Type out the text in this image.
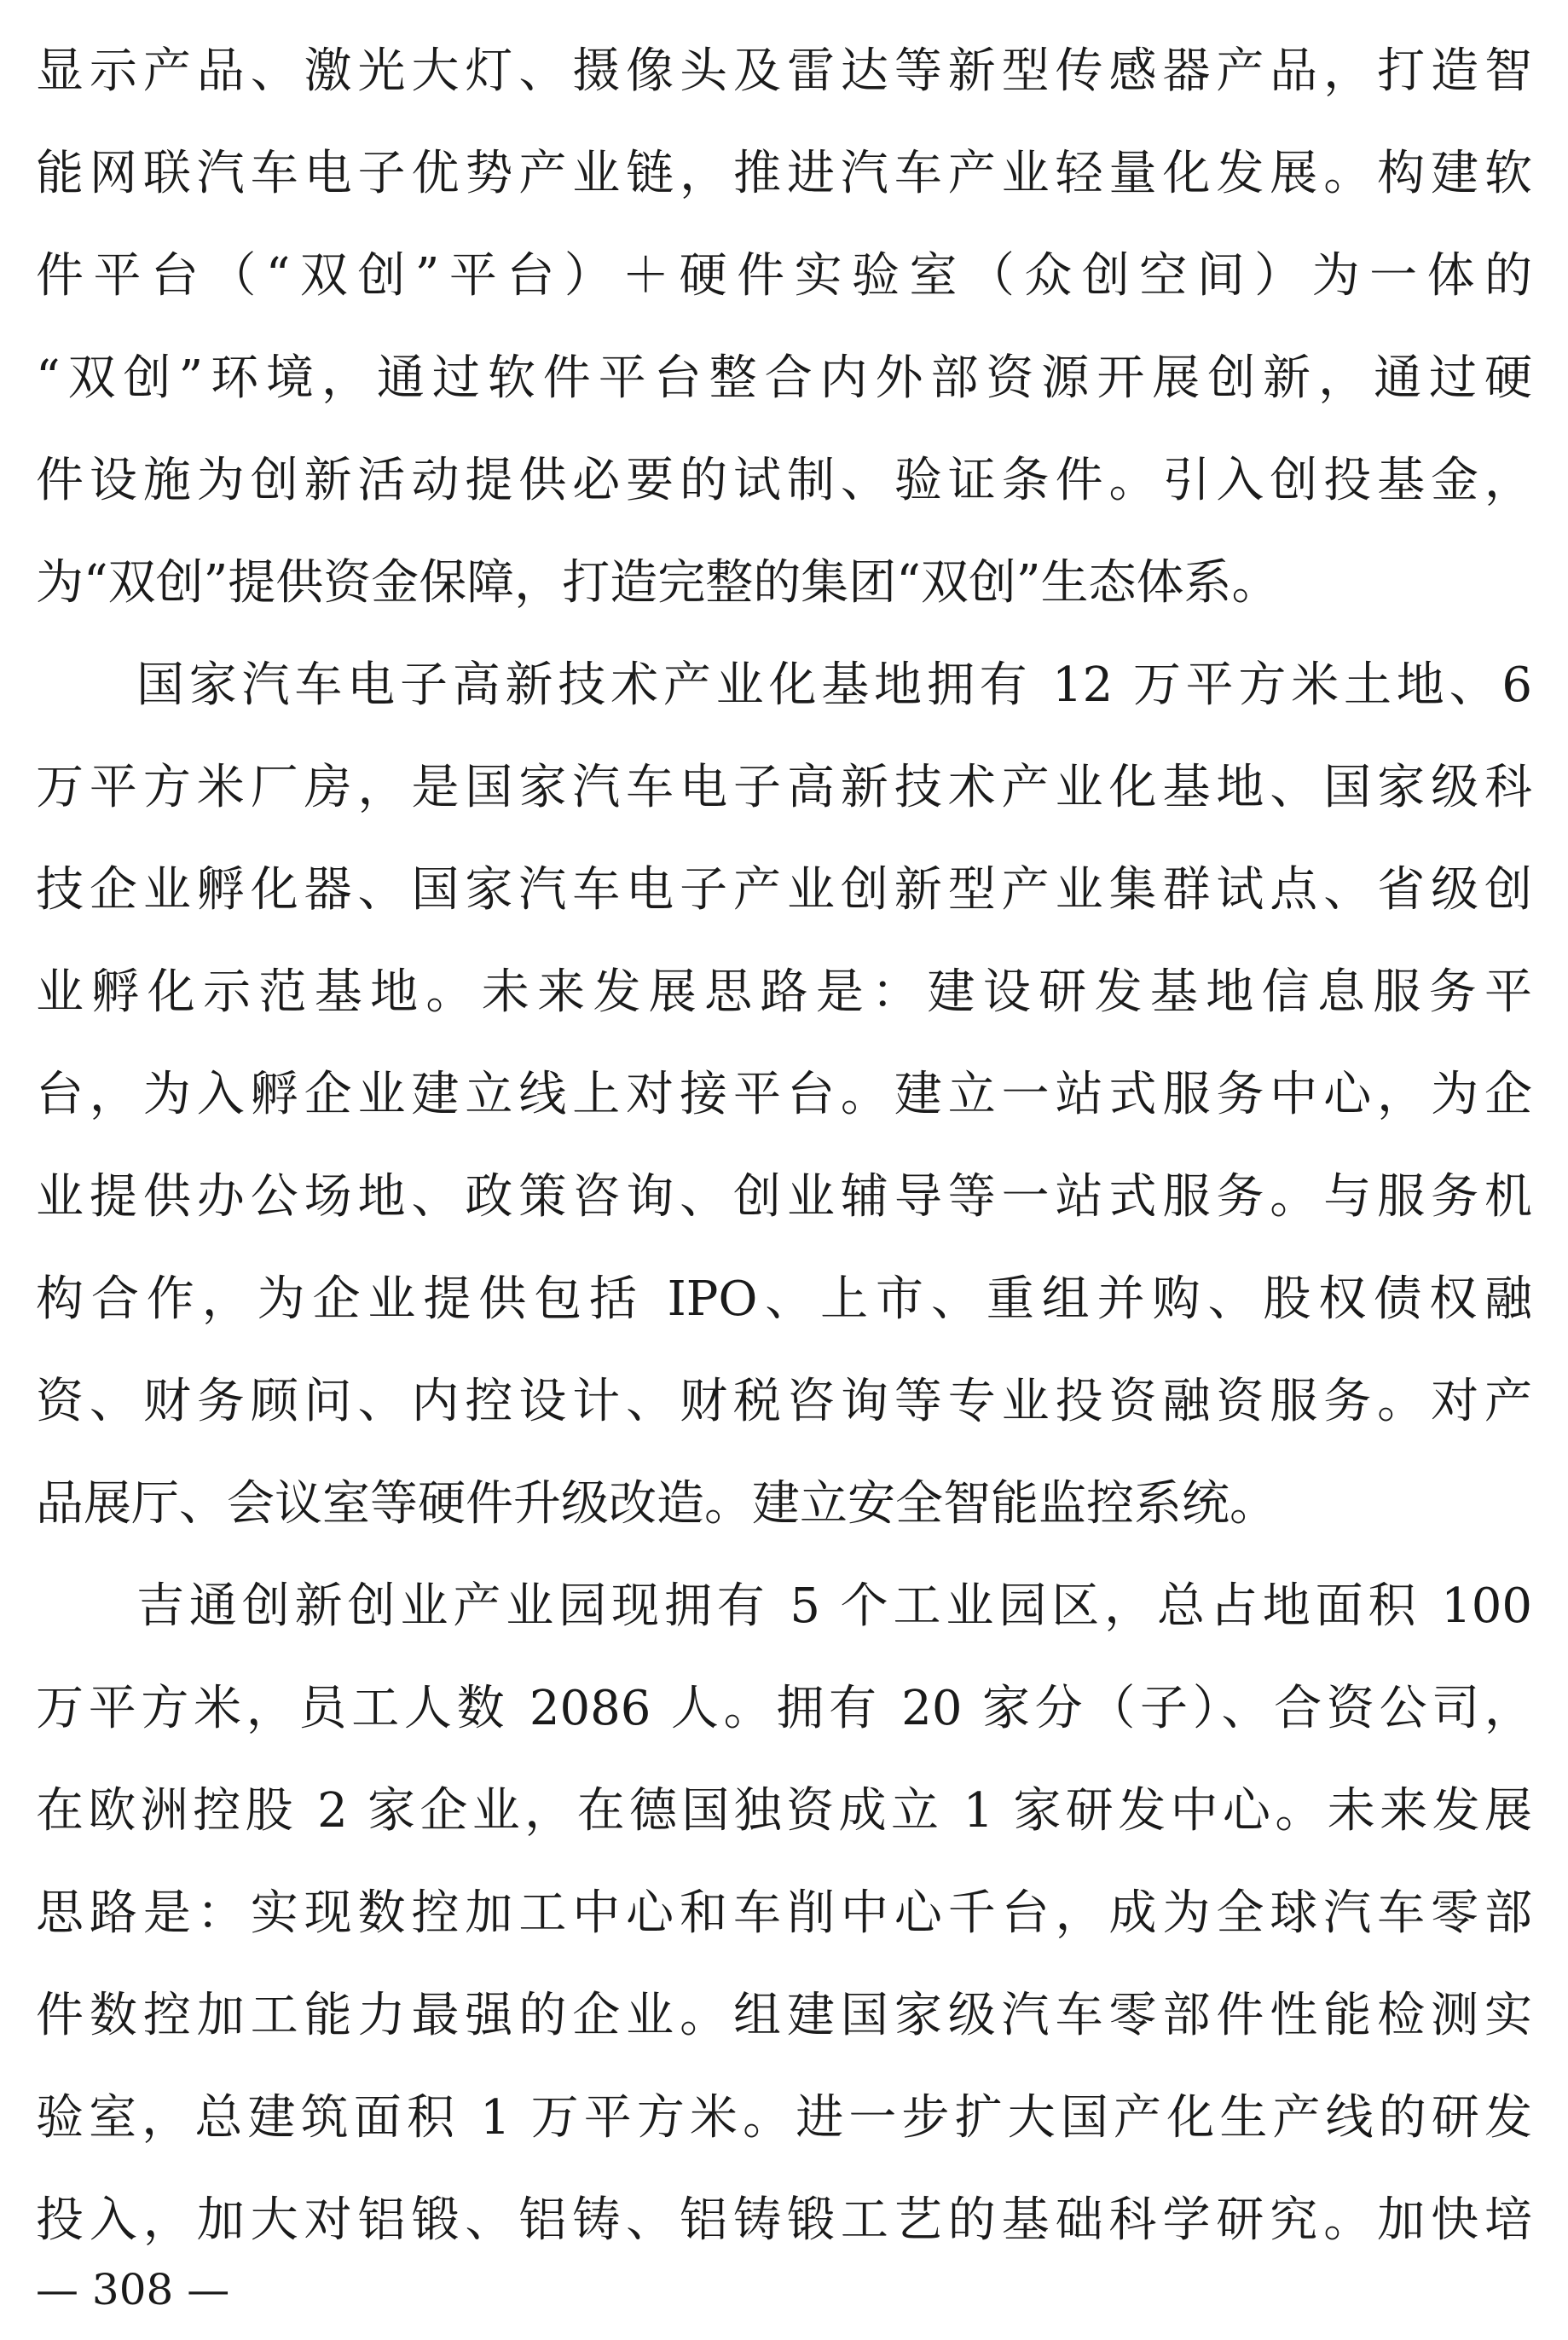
显示产品、激光大灯、摄像头及雷达等新型传感器产品，打造智
能网联汽车电子优势产业链，推进汽车产业轻量化发展。构建软
件平台（“双创”平台）＋硬件实验室（众创空间）为一体的
“双创”环境，通过软件平台整合内外部资源开展创新，通过硬
件设施为创新活动提供必要的试制、验证条件。引入创投基金，
为“双创”提供资金保障，打造完整的集团“双创”生态体系。
国家汽车电子高新技术产业化基地拥有 12 万平方米土地、6
万平方米厂房，是国家汽车电子高新技术产业化基地、国家级科
技企业孵化器、国家汽车电子产业创新型产业集群试点、省级创
业孵化示范基地。未来发展思路是：建设研发基地信息服务平
台，为入孵企业建立线上对接平台。建立一站式服务中心，为企
业提供办公场地、政策咨询、创业辅导等一站式服务。与服务机
构合作，为企业提供包括 IPO、上市、重组并购、股权债权融
资、财务顾问、内控设计、财税咨询等专业投资融资服务。对产
品展厅、会议室等硬件升级改造。建立安全智能监控系统。
吉通创新创业产业园现拥有 5 个工业园区，总占地面积 100
万平方米，员工人数 2086 人。拥有 20 家分（子）、合资公司，
在欧洲控股 2 家企业，在德国独资成立 1 家研发中心。未来发展
思路是：实现数控加工中心和车削中心千台，成为全球汽车零部
件数控加工能力最强的企业。组建国家级汽车零部件性能检测实
验室，总建筑面积 1 万平方米。进一步扩大国产化生产线的研发
投入，加大对铝锻、铝铸、铝铸锻工艺的基础科学研究。加快培
— 308 —
